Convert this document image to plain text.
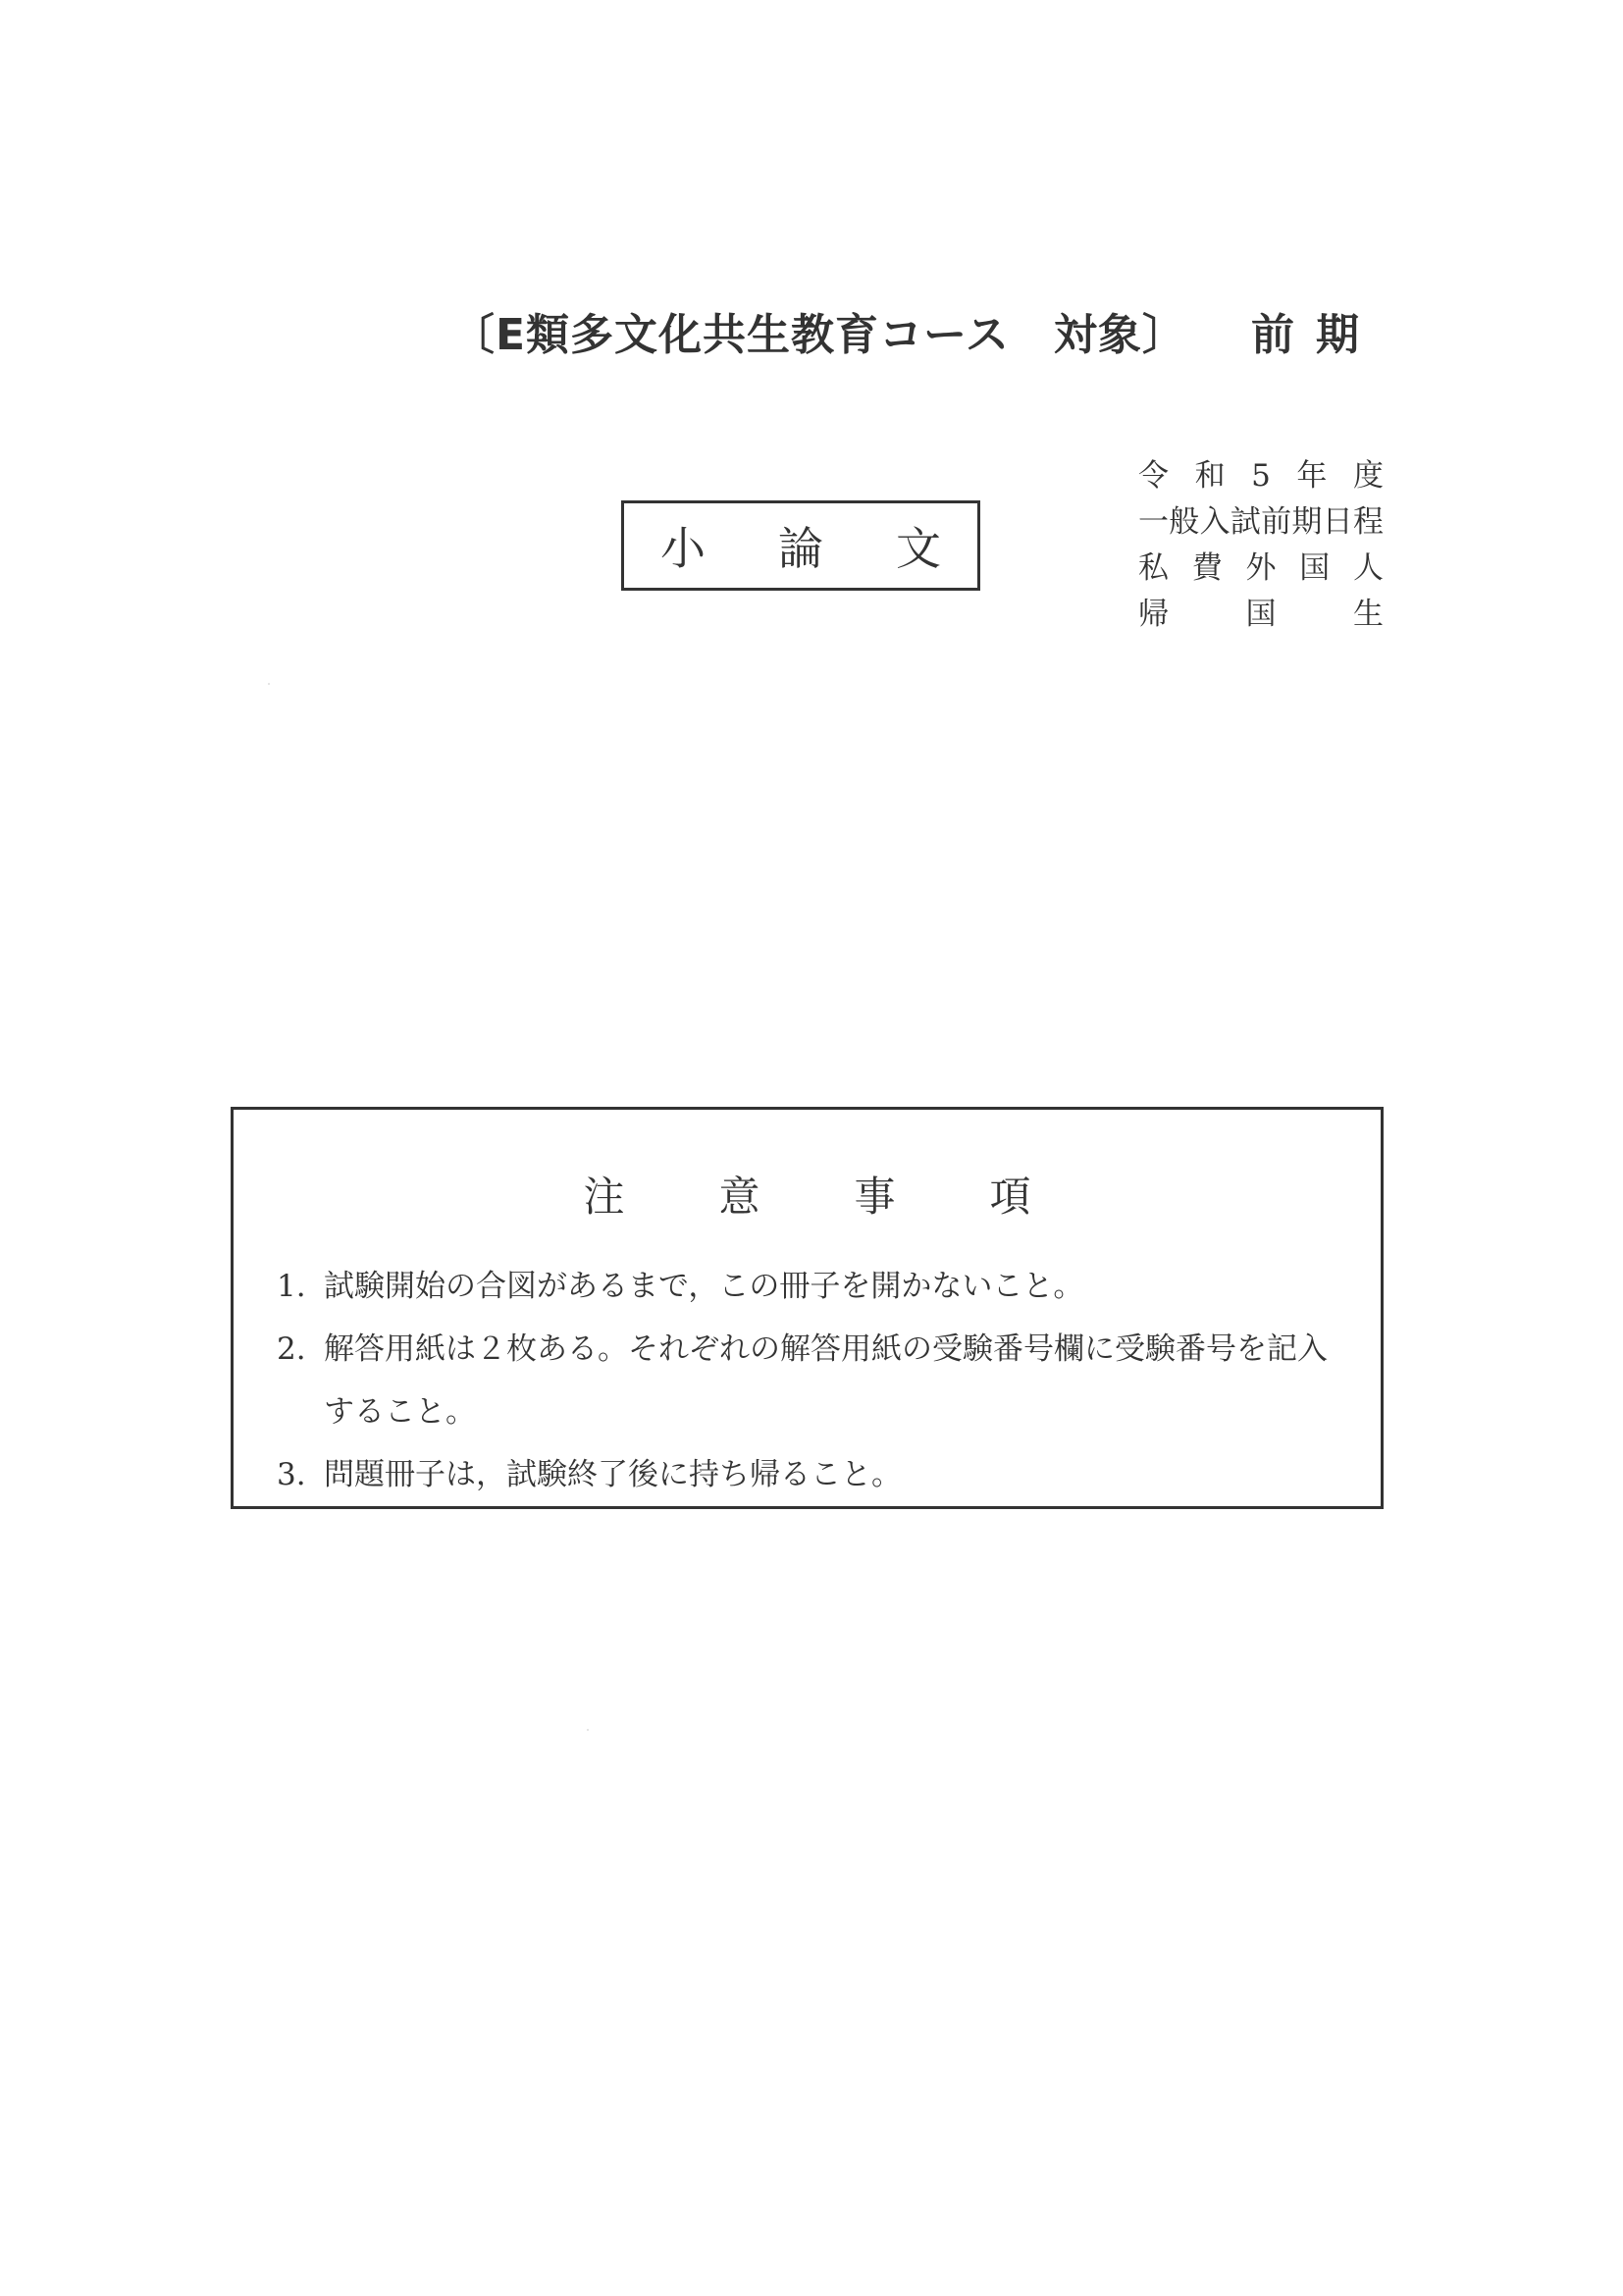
〔E類多文化共生教育コース　対象〕 前期
小論文
令 和 5 年 度
一 般 入 試 前 期 日 程
私 費 外 国 人
帰	国	生
注意事項
1. 試験開始の合図があるまで，この冊子を開かないこと。
2. 解答用紙は２枚ある。それぞれの解答用紙の受験番号欄に受験番号を記入すること。
3. 問題冊子は，試験終了後に持ち帰ること。
